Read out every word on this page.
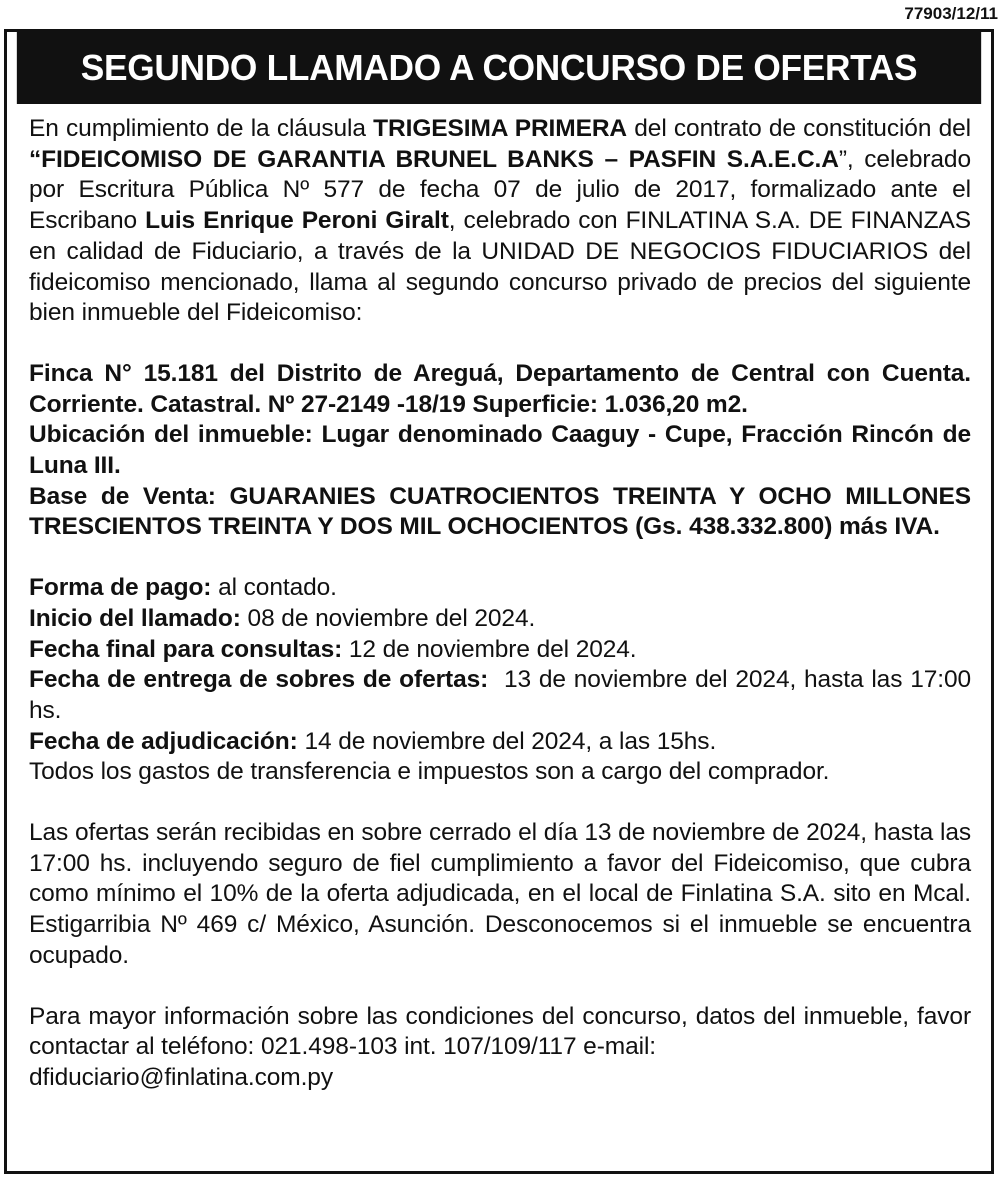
77903/12/11
SEGUNDO LLAMADO A CONCURSO DE OFERTAS

En cumplimiento de la cláusula TRIGESIMA PRIMERA del contrato de constitución del “FIDEICOMISO DE GARANTIA BRUNEL BANKS – PASFIN S.A.E.C.A”, celebrado por Escritura Pública Nº 577 de fecha 07 de julio de 2017, formalizado ante el Escribano Luis Enrique Peroni Giralt, celebrado con FINLATINA S.A. DE FINANZAS en calidad de Fiduciario, a través de la UNIDAD DE NEGOCIOS FIDUCIARIOS del fideicomiso mencionado, llama al segundo concurso privado de precios del siguiente bien inmueble del Fideicomiso:

Finca N° 15.181 del Distrito de Areguá, Departamento de Central con Cuenta. Corriente. Catastral. Nº 27-2149 -18/19 Superficie: 1.036,20 m2.

Ubicación del inmueble: Lugar denominado Caaguy - Cupe, Fracción Rincón de Luna III.

Base de Venta: GUARANIES CUATROCIENTOS TREINTA Y OCHO MILLONES TRESCIENTOS TREINTA Y DOS MIL OCHOCIENTOS (Gs. 438.332.800) más IVA.

Forma de pago: al contado.

Inicio del llamado: 08 de noviembre del 2024.

Fecha final para consultas: 12 de noviembre del 2024.

Fecha de entrega de sobres de ofertas:  13 de noviembre del 2024, hasta las 17:00 hs.

Fecha de adjudicación: 14 de noviembre del 2024, a las 15hs.

Todos los gastos de transferencia e impuestos son a cargo del comprador.

Las ofertas serán recibidas en sobre cerrado el día 13 de noviembre de 2024, hasta las 17:00 hs. incluyendo seguro de fiel cumplimiento a favor del Fideicomiso, que cubra como mínimo el 10% de la oferta adjudicada, en el local de Finlatina S.A. sito en Mcal. Estigarribia Nº 469 c/ México, Asunción. Desconocemos si el inmueble se encuentra ocupado.

Para mayor información sobre las condiciones del concurso, datos del inmueble, favor contactar al teléfono: 021.498-103 int. 107/109/117 e-mail:

dfiduciario@finlatina.com.py
